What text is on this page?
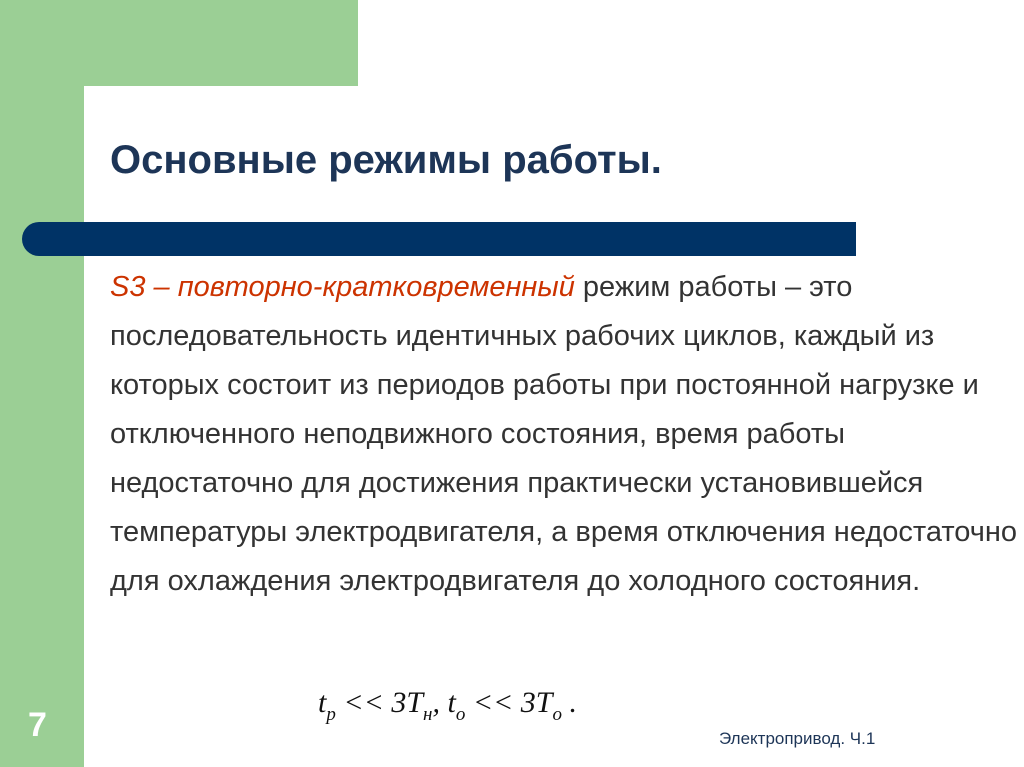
Основные режимы работы.
S3 – повторно-кратковременный режим работы – это последовательность идентичных рабочих циклов, каждый из которых состоит из периодов работы при постоянной нагрузке и отключенного неподвижного состояния, время работы недостаточно для достижения практически установившейся температуры электродвигателя, а время отключения недостаточно для охлаждения электродвигателя до холодного состояния.
$t_р << 3T_н$, $t_о << 3T_о$ .
7	Электропривод. Ч.1
